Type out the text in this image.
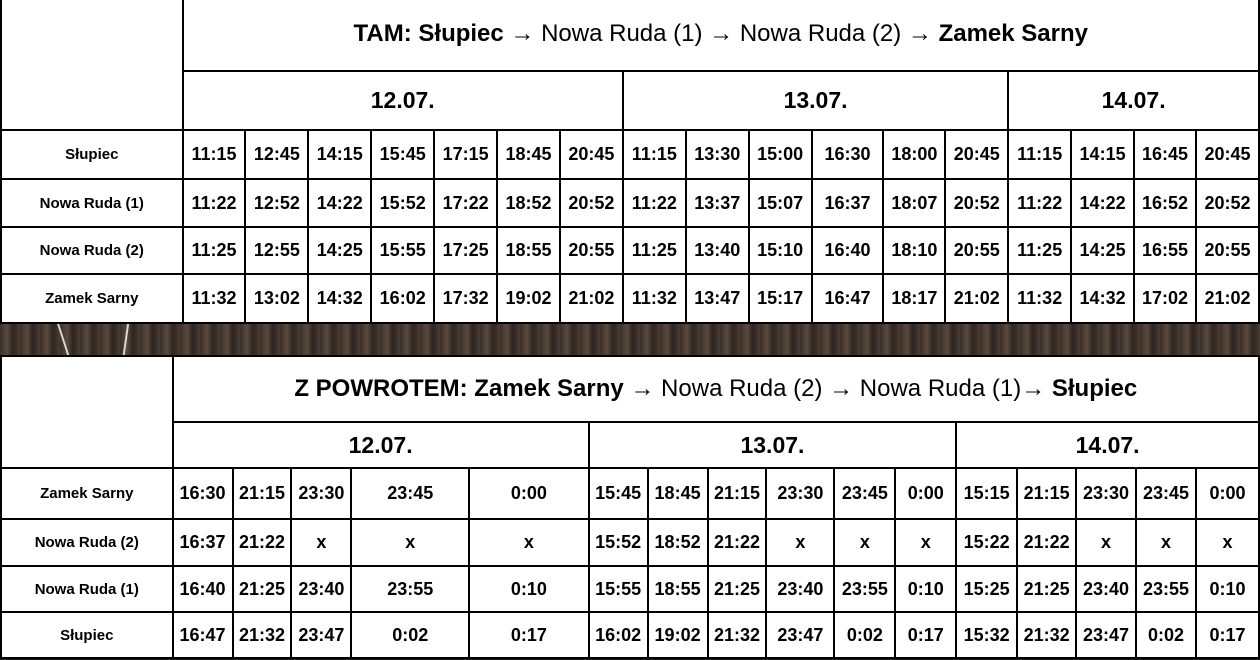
	TAM: Słupiec → Nowa Ruda (1) → Nowa Ruda (2) → Zamek Sarny																
	12.07.							13.07.						14.07.			
Słupiec	11:15	12:45	14:15	15:45	17:15	18:45	20:45	11:15	13:30	15:00	16:30	18:00	20:45	11:15	14:15	16:45	20:45
Nowa Ruda (1)	11:22	12:52	14:22	15:52	17:22	18:52	20:52	11:22	13:37	15:07	16:37	18:07	20:52	11:22	14:22	16:52	20:52
Nowa Ruda (2)	11:25	12:55	14:25	15:55	17:25	18:55	20:55	11:25	13:40	15:10	16:40	18:10	20:55	11:25	14:25	16:55	20:55
Zamek Sarny	11:32	13:02	14:32	16:02	17:32	19:02	21:02	11:32	13:47	15:17	16:47	18:17	21:02	11:32	14:32	17:02	21:02
	Z POWROTEM: Zamek Sarny → Nowa Ruda (2) → Nowa Ruda (1)→ Słupiec															
	12.07.					13.07.						14.07.				
Zamek Sarny	16:30	21:15	23:30	23:45	0:00	15:45	18:45	21:15	23:30	23:45	0:00	15:15	21:15	23:30	23:45	0:00
Nowa Ruda (2)	16:37	21:22	x	x	x	15:52	18:52	21:22	x	x	x	15:22	21:22	x	x	x
Nowa Ruda (1)	16:40	21:25	23:40	23:55	0:10	15:55	18:55	21:25	23:40	23:55	0:10	15:25	21:25	23:40	23:55	0:10
Słupiec	16:47	21:32	23:47	0:02	0:17	16:02	19:02	21:32	23:47	0:02	0:17	15:32	21:32	23:47	0:02	0:17
